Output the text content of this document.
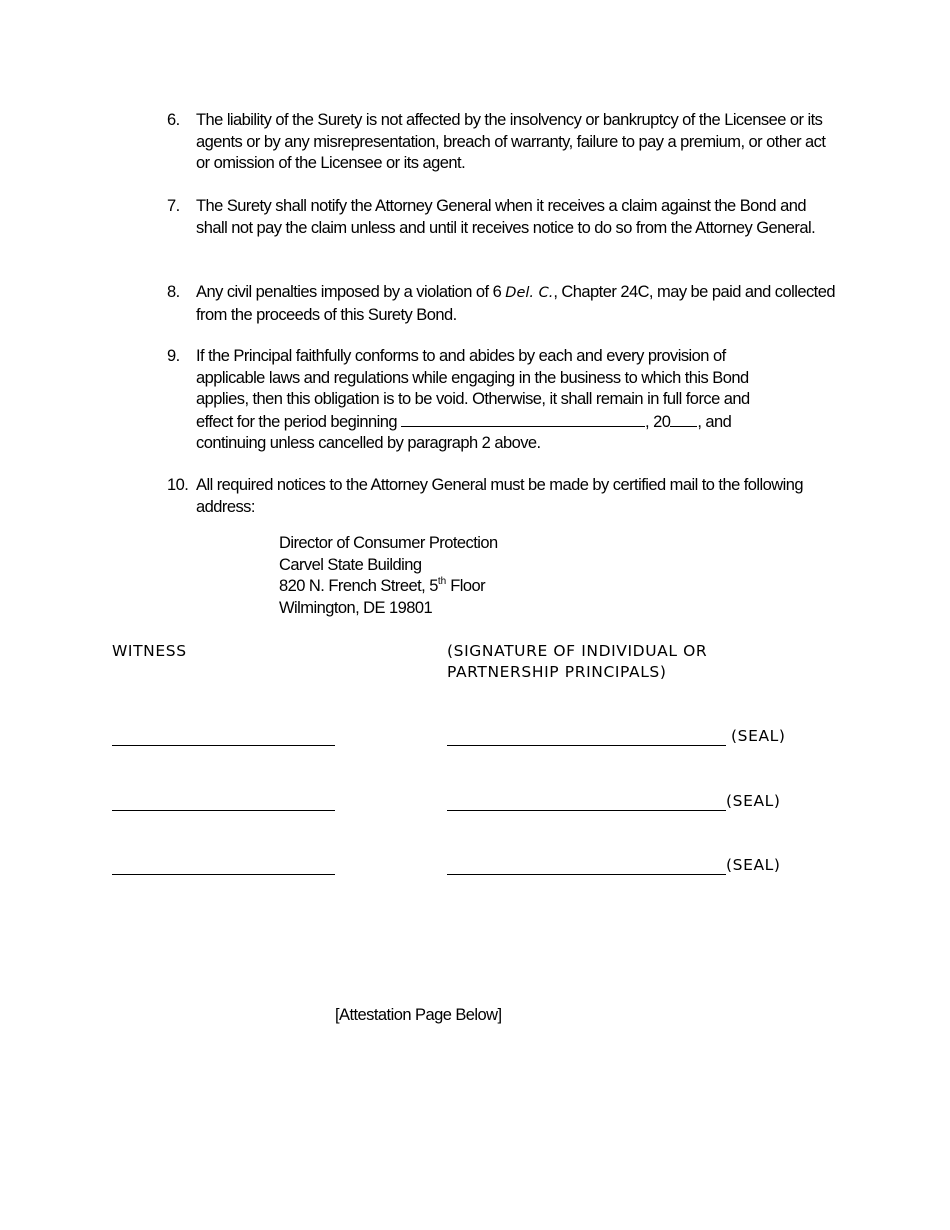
6. The liability of the Surety is not affected by the insolvency or bankruptcy of the Licensee or its agents or by any misrepresentation, breach of warranty, failure to pay a premium, or other act or omission of the Licensee or its agent.
7. The Surety shall notify the Attorney General when it receives a claim against the Bond and shall not pay the claim unless and until it receives notice to do so from the Attorney General.
8. Any civil penalties imposed by a violation of 6 Del. C., Chapter 24C, may be paid and collected from the proceeds of this Surety Bond.
9. If the Principal faithfully conforms to and abides by each and every provision of
applicable laws and regulations while engaging in the business to which this Bond
applies, then this obligation is to be void. Otherwise, it shall remain in full force and
effect for the period beginning	, 20 , and
continuing unless cancelled by paragraph 2 above.
10. All required notices to the Attorney General must be made by certified mail to the following address:
Director of Consumer Protection
Carvel State Building
820 N. French Street, 5th Floor
Wilmington, DE 19801
WITNESS	(SIGNATURE OF INDIVIDUAL OR
PARTNERSHIP PRINCIPALS)
(SEAL)
(SEAL)
(SEAL)
[Attestation Page Below]
